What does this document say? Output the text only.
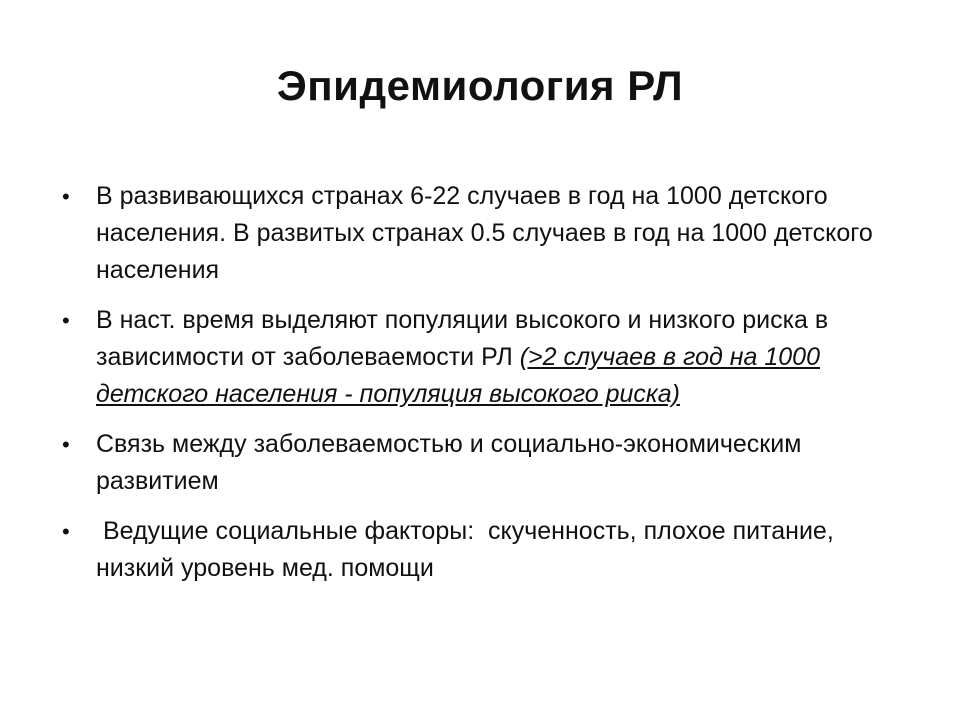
Эпидемиология РЛ
• В развивающихся странах 6-22 случаев в год на 1000 детского населения. В развитых странах 0.5 случаев в год на 1000 детского населения
• В наст. время выделяют популяции высокого и низкого риска в зависимости от заболеваемости РЛ (>2 случаев в год на 1000 детского населения - популяция высокого риска)
• Связь между заболеваемостью и социально-экономическим развитием
• Ведущие социальные факторы:  скученность, плохое питание, низкий уровень мед. помощи
